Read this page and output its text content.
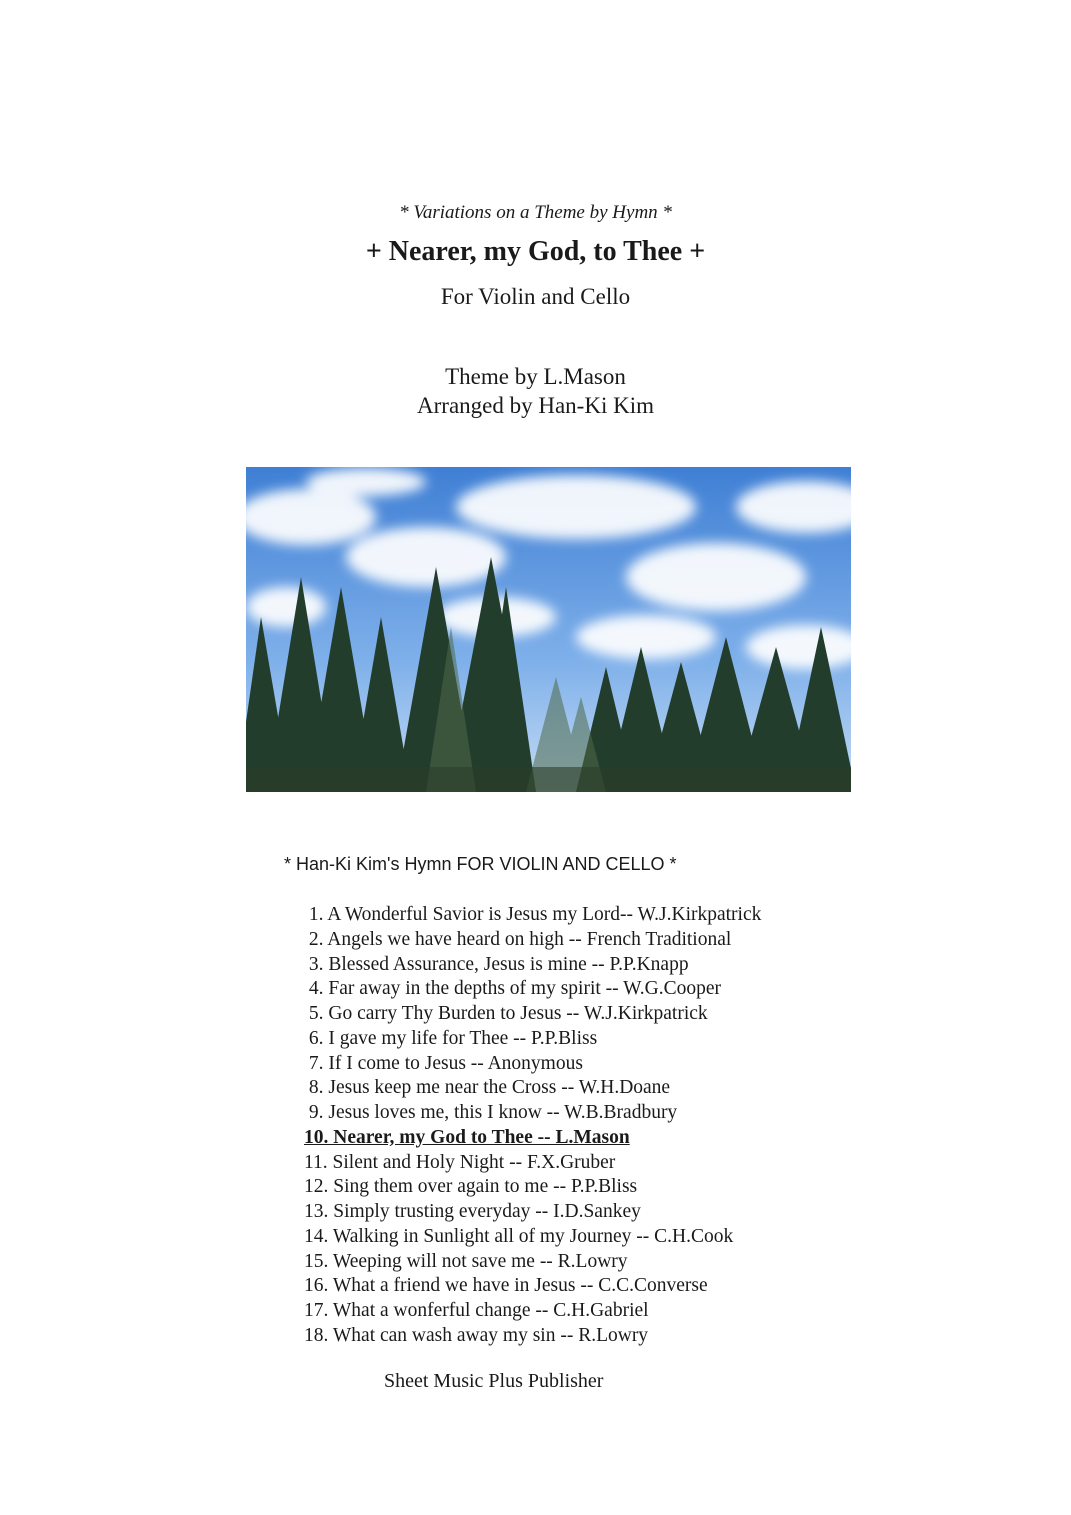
* Variations on a Theme by Hymn *
+ Nearer, my God, to Thee +
For Violin and Cello
Theme by L.Mason
Arranged by Han-Ki Kim
* Han-Ki Kim's Hymn FOR VIOLIN AND CELLO *
1. A Wonderful Savior is Jesus my Lord-- W.J.Kirkpatrick
2. Angels we have heard on high -- French Traditional
3. Blessed Assurance, Jesus is mine -- P.P.Knapp
4. Far away in the depths of my spirit -- W.G.Cooper
5. Go carry Thy Burden to Jesus -- W.J.Kirkpatrick
6. I gave my life for Thee -- P.P.Bliss
7. If I come to Jesus -- Anonymous
8. Jesus keep me near the Cross -- W.H.Doane
9. Jesus loves me, this I know -- W.B.Bradbury
10. Nearer, my God to Thee -- L.Mason
11. Silent and Holy Night -- F.X.Gruber
12. Sing them over again to me -- P.P.Bliss
13. Simply trusting everyday -- I.D.Sankey
14. Walking in Sunlight all of my Journey -- C.H.Cook
15. Weeping will not save me -- R.Lowry
16. What a friend we have in Jesus -- C.C.Converse
17. What a wonferful change -- C.H.Gabriel
18. What can wash away my sin -- R.Lowry
Sheet Music Plus Publisher
